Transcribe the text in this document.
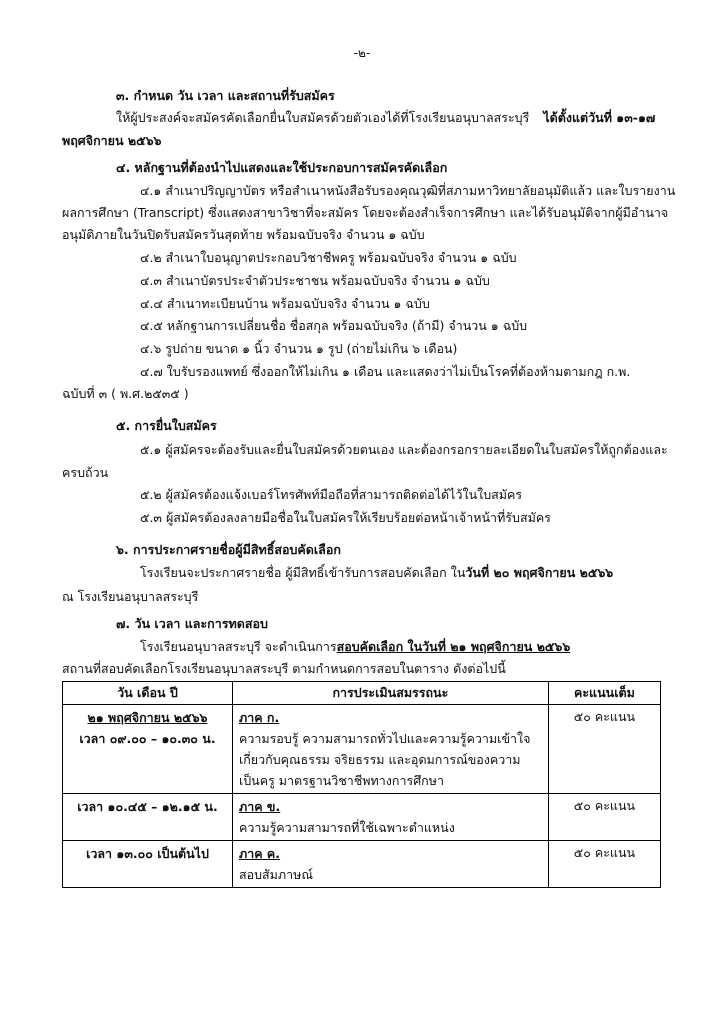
-๒-
๓. กำหนด วัน เวลา และสถานที่รับสมัคร
ให้ผู้ประสงค์จะสมัครคัดเลือกยื่นใบสมัครด้วยตัวเองได้ที่โรงเรียนอนุบาลสระบุรี ได้ตั้งแต่วันที่ ๑๓-๑๗
พฤศจิกายน ๒๕๖๖
๔. หลักฐานที่ต้องนำไปแสดงและใช้ประกอบการสมัครคัดเลือก
๔.๑ สำเนาปริญญาบัตร หรือสำเนาหนังสือรับรองคุณวุฒิที่สภามหาวิทยาลัยอนุมัติแล้ว และใบรายงาน
ผลการศึกษา (Transcript) ซึ่งแสดงสาขาวิชาที่จะสมัคร โดยจะต้องสำเร็จการศึกษา และได้รับอนุมัติจากผู้มีอำนาจ
อนุมัติภายในวันปิดรับสมัครวันสุดท้าย พร้อมฉบับจริง จำนวน ๑ ฉบับ
๔.๒ สำเนาใบอนุญาตประกอบวิชาชีพครู พร้อมฉบับจริง จำนวน ๑ ฉบับ
๔.๓ สำเนาบัตรประจำตัวประชาชน พร้อมฉบับจริง จำนวน ๑ ฉบับ
๔.๔ สำเนาทะเบียนบ้าน พร้อมฉบับจริง จำนวน ๑ ฉบับ
๔.๕ หลักฐานการเปลี่ยนชื่อ ชื่อสกุล พร้อมฉบับจริง (ถ้ามี) จำนวน ๑ ฉบับ
๔.๖ รูปถ่าย ขนาด ๑ นิ้ว จำนวน ๑ รูป (ถ่ายไม่เกิน ๖ เดือน)
๔.๗ ใบรับรองแพทย์ ซึ่งออกให้ไม่เกิน ๑ เดือน และแสดงว่าไม่เป็นโรคที่ต้องห้ามตามกฎ ก.พ.
ฉบับที่ ๓ ( พ.ศ.๒๕๓๕ )
๕. การยื่นใบสมัคร
๕.๑ ผู้สมัครจะต้องรับและยื่นใบสมัครด้วยตนเอง และต้องกรอกรายละเอียดในใบสมัครให้ถูกต้องและ
ครบถ้วน
๕.๒ ผู้สมัครต้องแจ้งเบอร์โทรศัพท์มือถือที่สามารถติดต่อได้ไว้ในใบสมัคร
๕.๓ ผู้สมัครต้องลงลายมือชื่อในใบสมัครให้เรียบร้อยต่อหน้าเจ้าหน้าที่รับสมัคร
๖. การประกาศรายชื่อผู้มีสิทธิ์สอบคัดเลือก
โรงเรียนจะประกาศรายชื่อ ผู้มีสิทธิ์เข้ารับการสอบคัดเลือก ในวันที่ ๒๐ พฤศจิกายน ๒๕๖๖
ณ โรงเรียนอนุบาลสระบุรี
๗. วัน เวลา และการทดสอบ
โรงเรียนอนุบาลสระบุรี จะดำเนินการสอบคัดเลือก ในวันที่ ๒๑ พฤศจิกายน ๒๕๖๖
สถานที่สอบคัดเลือกโรงเรียนอนุบาลสระบุรี ตามกำหนดการสอบในตาราง ดังต่อไปนี้
วัน เดือน ปี	การประเมินสมรรถนะ	คะแนนเต็ม

๒๑ พฤศจิกายน ๒๕๖๖
เวลา ๐๙.๐๐ – ๑๐.๓๐ น.	ภาค ก.
ความรอบรู้ ความสามารถทั่วไปและความรู้ความเข้าใจ
เกี่ยวกับคุณธรรม จริยธรรม และอุดมการณ์ของความ
เป็นครู มาตรฐานวิชาชีพทางการศึกษา	๕๐ คะแนน

เวลา ๑๐.๔๕ – ๑๒.๑๕ น.	ภาค ข.
ความรู้ความสามารถที่ใช้เฉพาะตำแหน่ง	๕๐ คะแนน

เวลา ๑๓.๐๐ เป็นต้นไป	ภาค ค.
สอบสัมภาษณ์	๕๐ คะแนน
